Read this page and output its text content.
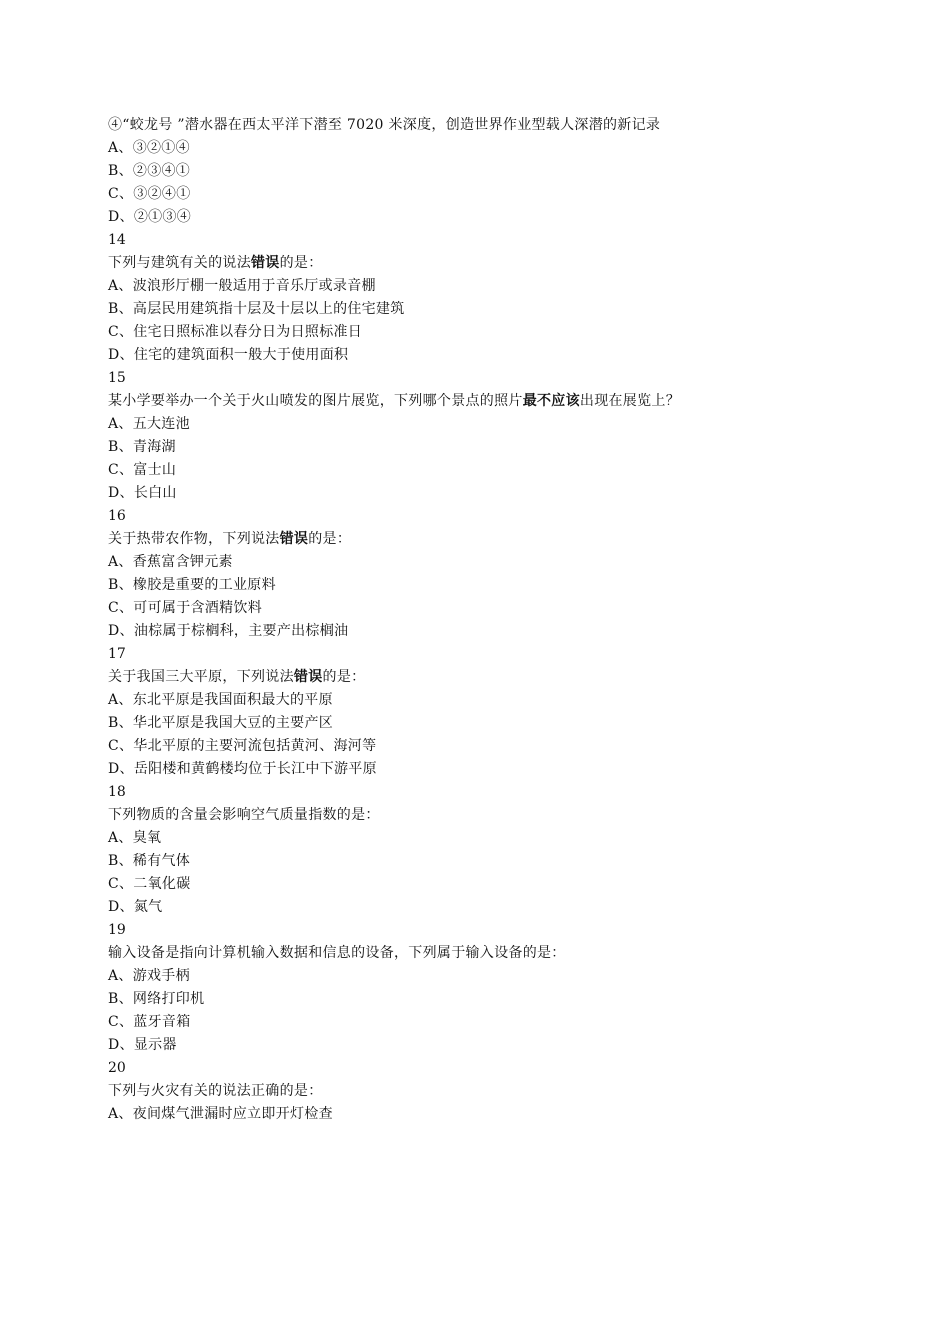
④“蛟龙号 ”潜水器在西太平洋下潜至 7020 米深度，创造世界作业型载人深潜的新记录
A、③②①④
B、②③④①
C、③②④①
D、②①③④
14
下列与建筑有关的说法错误的是：
A、波浪形厅棚一般适用于音乐厅或录音棚
B、高层民用建筑指十层及十层以上的住宅建筑
C、住宅日照标准以春分日为日照标准日
D、住宅的建筑面积一般大于使用面积
15
某小学要举办一个关于火山喷发的图片展览，下列哪个景点的照片最不应该出现在展览上？
A、五大连池
B、青海湖
C、富士山
D、长白山
16
关于热带农作物，下列说法错误的是：
A、香蕉富含钾元素
B、橡胶是重要的工业原料
C、可可属于含酒精饮料
D、油棕属于棕榈科，主要产出棕榈油
17
关于我国三大平原，下列说法错误的是：
A、东北平原是我国面积最大的平原
B、华北平原是我国大豆的主要产区
C、华北平原的主要河流包括黄河、海河等
D、岳阳楼和黄鹤楼均位于长江中下游平原
18
下列物质的含量会影响空气质量指数的是：
A、臭氧
B、稀有气体
C、二氧化碳
D、氮气
19
输入设备是指向计算机输入数据和信息的设备，下列属于输入设备的是：
A、游戏手柄
B、网络打印机
C、蓝牙音箱
D、显示器
20
下列与火灾有关的说法正确的是：
A、夜间煤气泄漏时应立即开灯检查
